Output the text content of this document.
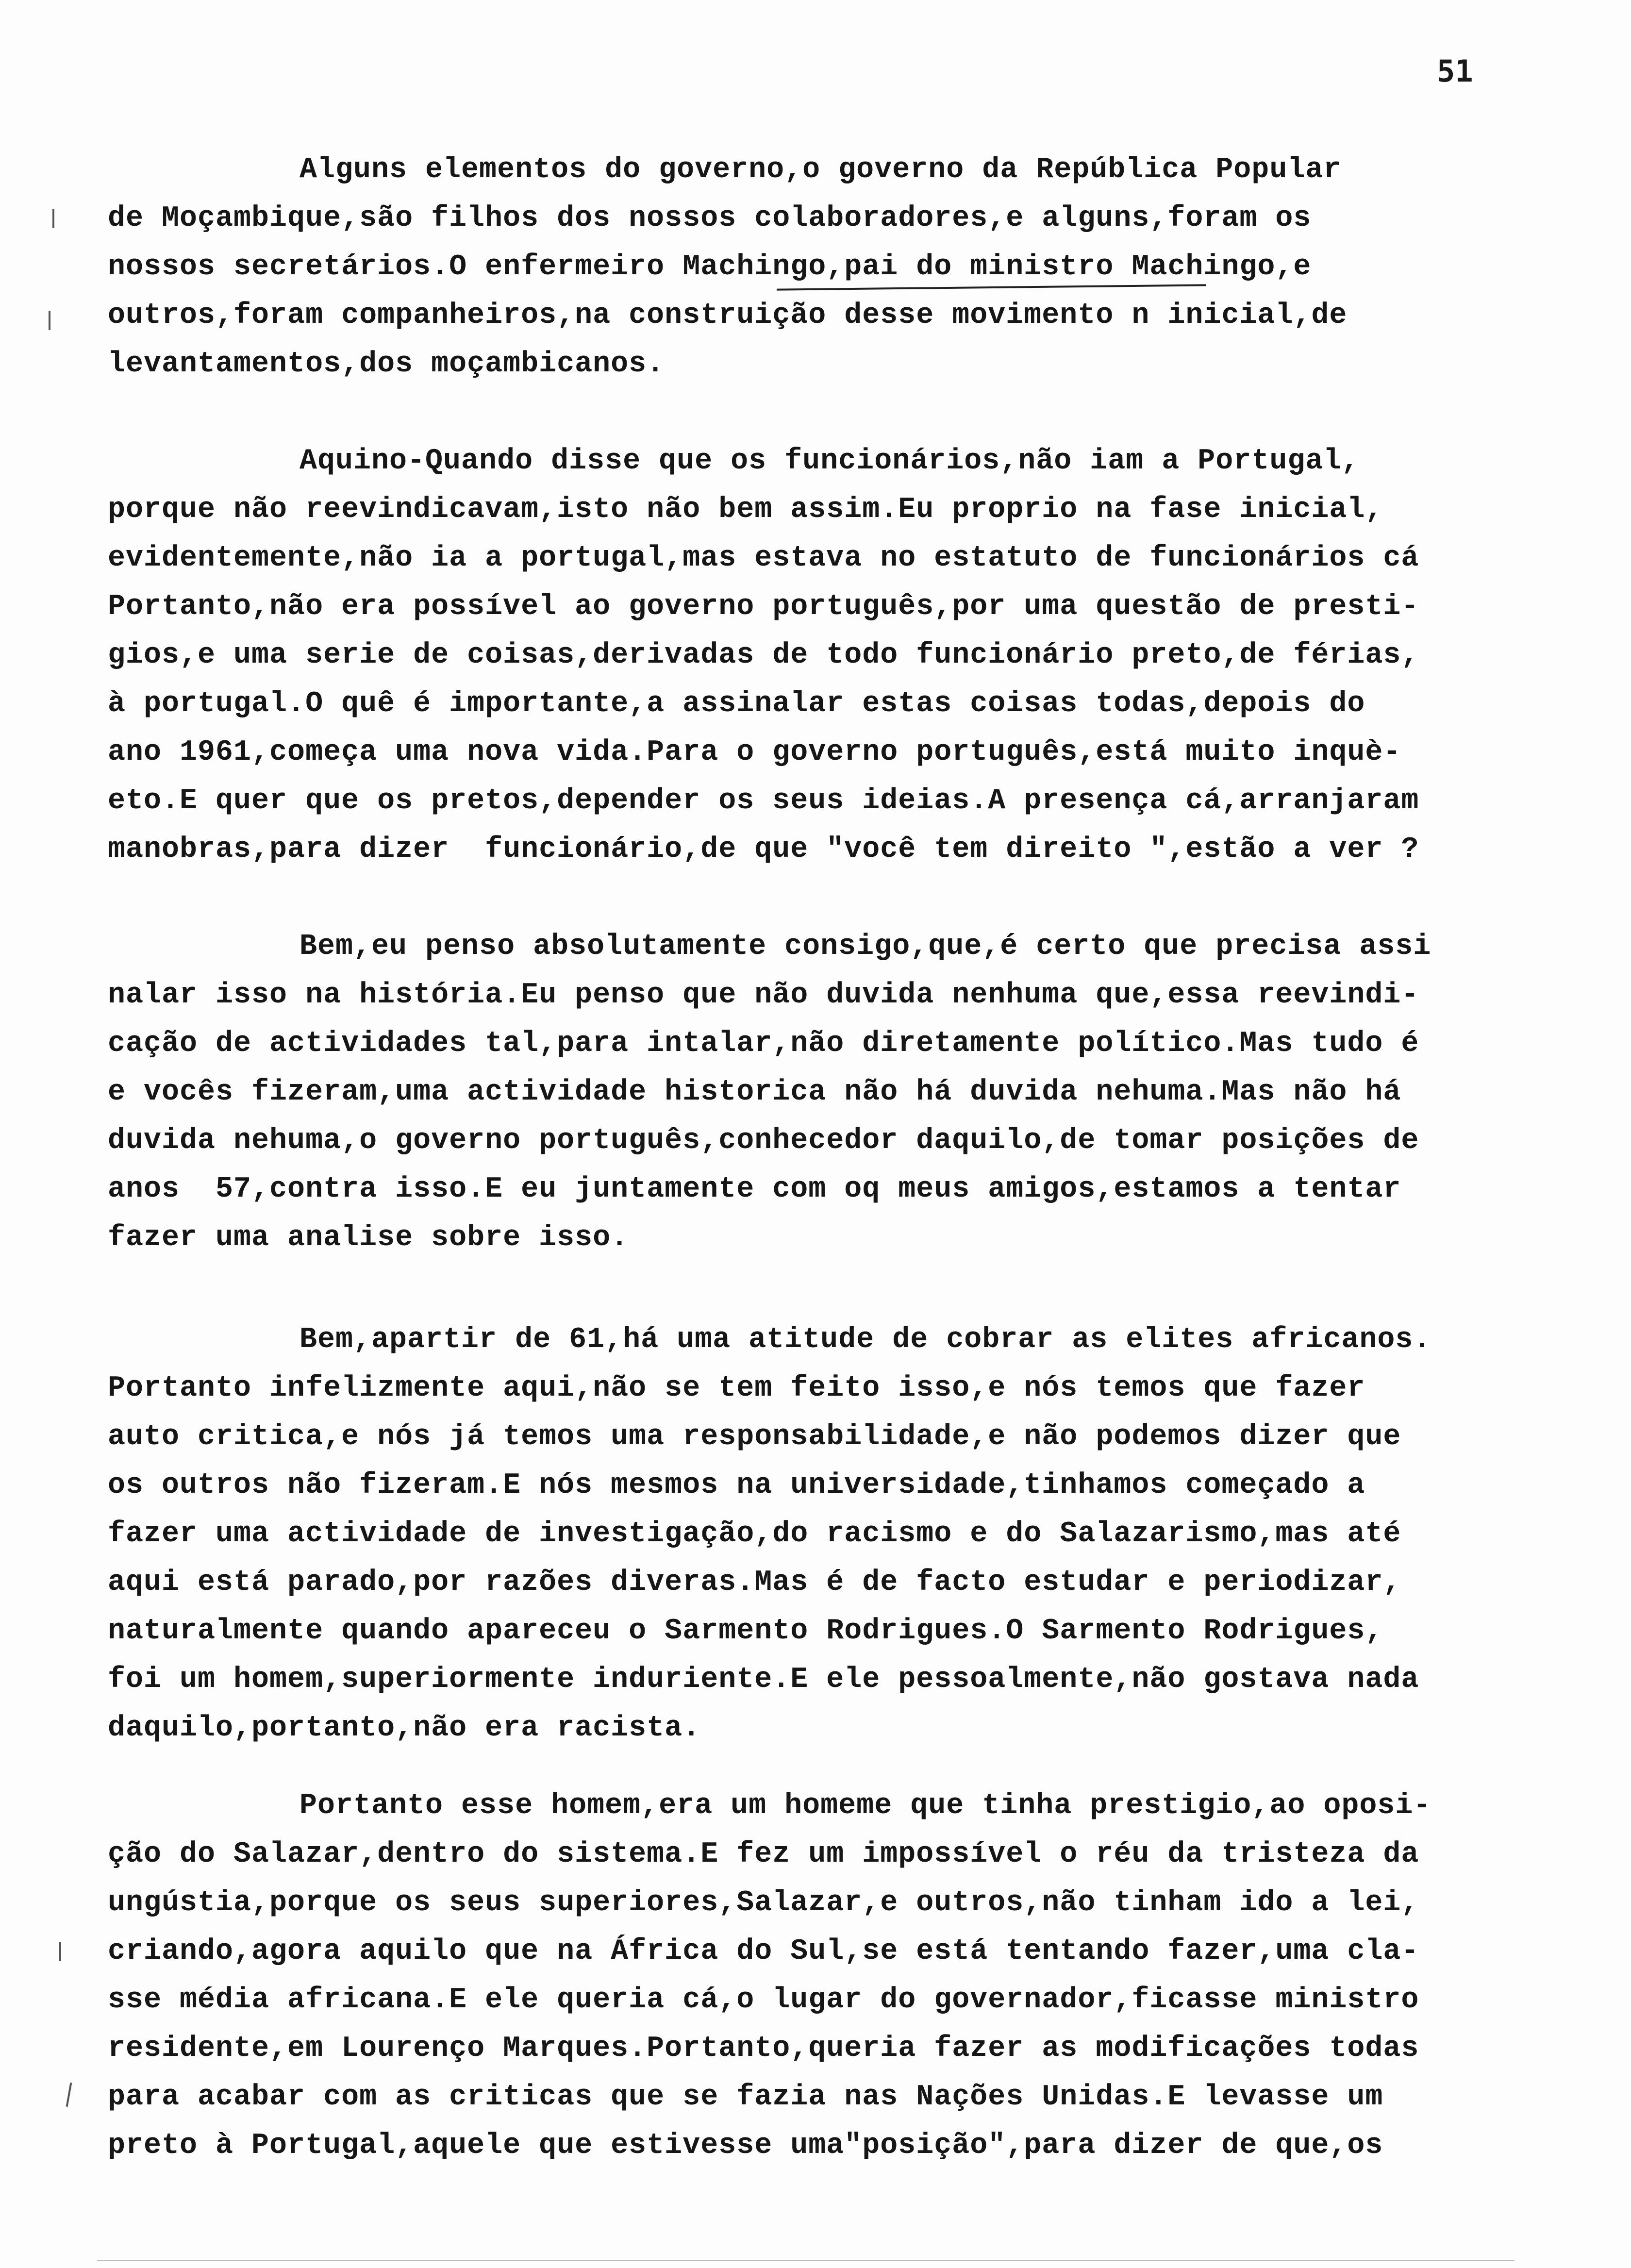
51
Alguns elementos do governo,o governo da República Popular
de Moçambique,são filhos dos nossos colaboradores,e alguns,foram os
nossos secretários.O enfermeiro Machingo,pai do ministro Machingo,e
outros,foram companheiros,na construição desse movimento n inicial,de
levantamentos,dos moçambicanos.
Aquino-Quando disse que os funcionários,não iam a Portugal,
porque não reevindicavam,isto não bem assim.Eu proprio na fase inicial,
evidentemente,não ia a portugal,mas estava no estatuto de funcionários cá
Portanto,não era possível ao governo português,por uma questão de presti-
gios,e uma serie de coisas,derivadas de todo funcionário preto,de férias,
à portugal.O quê é importante,a assinalar estas coisas todas,depois do
ano 1961,começa uma nova vida.Para o governo português,está muito inquè-
eto.E quer que os pretos,depender os seus ideias.A presença cá,arranjaram
manobras,para dizer  funcionário,de que "você tem direito ",estão a ver ?
Bem,eu penso absolutamente consigo,que,é certo que precisa assi
nalar isso na história.Eu penso que não duvida nenhuma que,essa reevindi-
cação de actividades tal,para intalar,não diretamente político.Mas tudo é
e vocês fizeram,uma actividade historica não há duvida nehuma.Mas não há
duvida nehuma,o governo português,conhecedor daquilo,de tomar posições de
anos  57,contra isso.E eu juntamente com oq meus amigos,estamos a tentar
fazer uma analise sobre isso.
Bem,apartir de 61,há uma atitude de cobrar as elites africanos.
Portanto infelizmente aqui,não se tem feito isso,e nós temos que fazer
auto critica,e nós já temos uma responsabilidade,e não podemos dizer que
os outros não fizeram.E nós mesmos na universidade,tinhamos começado a
fazer uma actividade de investigação,do racismo e do Salazarismo,mas até
aqui está parado,por razões diveras.Mas é de facto estudar e periodizar,
naturalmente quando apareceu o Sarmento Rodrigues.O Sarmento Rodrigues,
foi um homem,superiormente induriente.E ele pessoalmente,não gostava nada
daquilo,portanto,não era racista.
Portanto esse homem,era um homeme que tinha prestigio,ao oposi-
ção do Salazar,dentro do sistema.E fez um impossível o réu da tristeza da
ungústia,porque os seus superiores,Salazar,e outros,não tinham ido a lei,
criando,agora aquilo que na África do Sul,se está tentando fazer,uma cla-
sse média africana.E ele queria cá,o lugar do governador,ficasse ministro
residente,em Lourenço Marques.Portanto,queria fazer as modificações todas
para acabar com as criticas que se fazia nas Nações Unidas.E levasse um
preto à Portugal,aquele que estivesse uma"posição",para dizer de que,os
